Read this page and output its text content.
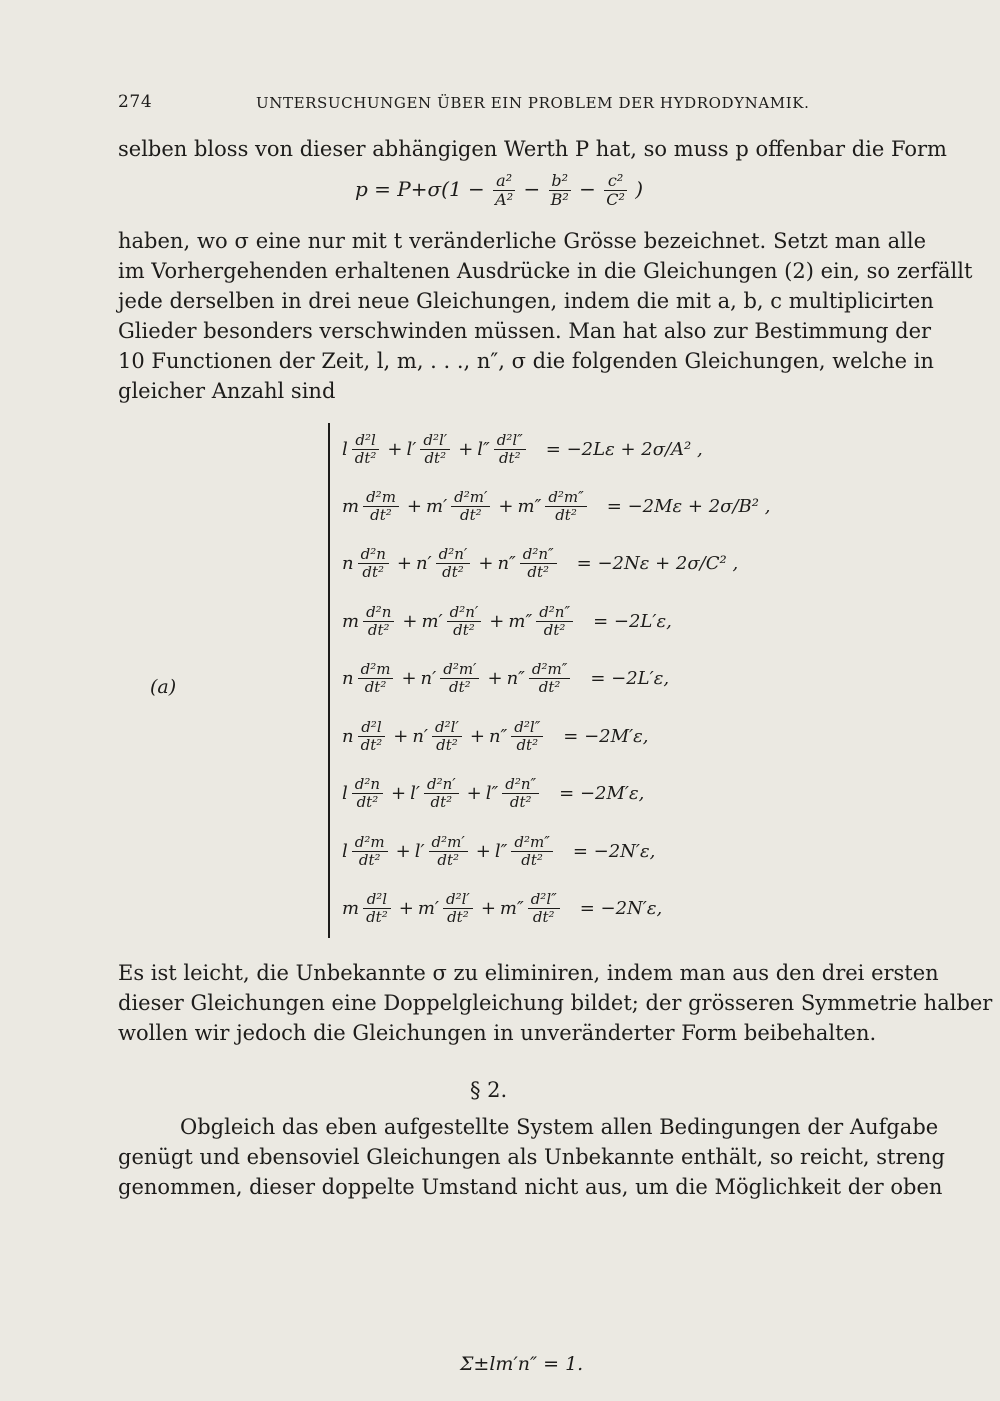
274	UNTERSUCHUNGEN ÜBER EIN PROBLEM DER HYDRODYNAMIK.
selben bloss von dieser abhängigen Werth P hat, so muss p offenbar die Form
$p = P+\sigma(1 - \frac{\text{a²}}{\text{A²}} - \frac{\text{b²}}{\text{B²}} - \frac{\text{c²}}{\text{C²}}$ )
haben, wo σ eine nur mit t veränderliche Grösse bezeichnet. Setzt man alle
im Vorhergehenden erhaltenen Ausdrücke in die Gleichungen (2) ein, so zerfällt
jede derselben in drei neue Gleichungen, indem die mit a, b, c multiplicirten
Glieder besonders verschwinden müssen. Man hat also zur Bestimmung der
10 Functionen der Zeit, l, m, . . ., n″, σ die folgenden Gleichungen, welche in
gleicher Anzahl sind
(a)
Σ±lm′n″ = 1.
l d²l
dt² + l′ d²l′
$dt^2 + l'' \frac{\text{d²l″}}{\text{dt²}} = -2L\varepsilon + 2\sigma/A^2$ ,
m d²m
dt² + m′ d²m′
$dt^2 + m'' \frac{\text{d²m″}}{\text{dt²}} = -2M\varepsilon + 2\sigma/B^2$ ,
n d²n
dt² + n′ d²n′
$dt^2 + n'' \frac{\text{d²n″}}{\text{dt²}} = -2N\varepsilon + 2\sigma/C^2$ ,
m d²n
dt² + m′ d²n′
$dt^2 + m'' \frac{\text{d²n″}}{\text{dt²}} = -2L'\varepsilon$,
n d²m
dt² + n′ d²m′
$dt^2 + n'' \frac{\text{d²m″}}{\text{dt²}} = -2L'\varepsilon$,
n d²l
dt² + n′ d²l′
$dt^2 + n'' \frac{\text{d²l″}}{\text{dt²}} = -2M'\varepsilon$,
l d²n
dt² + l′ d²n′
$dt^2 + l'' \frac{\text{d²n″}}{\text{dt²}} = -2M'\varepsilon$,
l d²m
dt² + l′ d²m′
$dt^2 + l'' \frac{\text{d²m″}}{\text{dt²}} = -2N'\varepsilon$,
m d²l
dt² + m′ d²l′
$dt^2 + m'' \frac{\text{d²l″}}{\text{dt²}} = -2N'\varepsilon$,
Es ist leicht, die Unbekannte σ zu eliminiren, indem man aus den drei ersten
dieser Gleichungen eine Doppelgleichung bildet; der grösseren Symmetrie halber
wollen wir jedoch die Gleichungen in unveränderter Form beibehalten.
§ 2.
Obgleich das eben aufgestellte System allen Bedingungen der Aufgabe
genügt und ebensoviel Gleichungen als Unbekannte enthält, so reicht, streng
genommen, dieser doppelte Umstand nicht aus, um die Möglichkeit der oben
